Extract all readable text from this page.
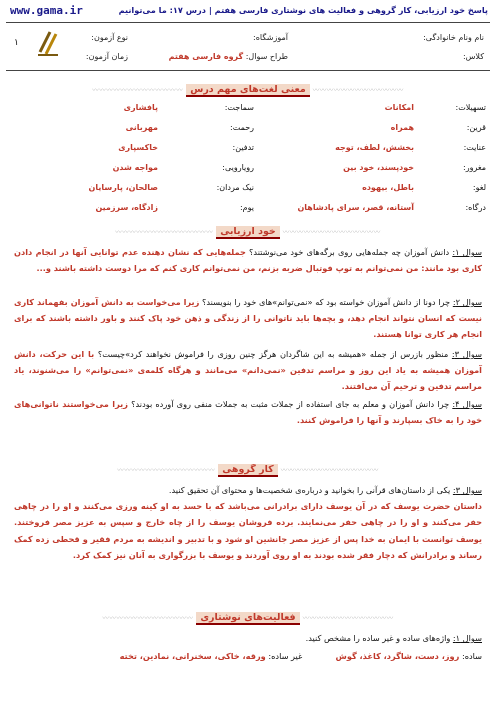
www.gama.ir	پاسخ خود ارزیابی، کار گروهی و فعالیت های نوشتاری فارسی هفتم | درس ۱۷: ما می‌توانیم
نام ونام خانوادگی:
کلاس:
آموزشگاه:
طراح سوال: گروه فارسی هفتم
نوع آزمون:
زمان آزمون:
۱
〰〰〰〰〰〰〰〰〰〰〰〰〰 معنی لغت‌های مهم درس 〰〰〰〰〰〰〰〰〰〰〰〰〰
تسهیلات:
امکانات
سماجت:
پافشاری
قرین:
همراه
رحمت:
مهربانی
عنایت:
بخشش، لطف، توجه
تدفین:
خاکسپاری
مغرور:
خودپسند، خود بین
رویارویی:
مواجه شدن
لغو:
باطل، بیهوده
نیک مردان:
صالحان، پارسایان
درگاه:
آستانه، قصر، سرای پادشاهان
یوم:
زادگاه، سرزمین
〰〰〰〰〰〰〰〰〰〰〰〰〰〰 خود ارزیابی 〰〰〰〰〰〰〰〰〰〰〰〰〰〰
سوال ۱: دانش آموزان چه جمله‌هایی روی برگه‌های خود می‌نوشتند؟ جمله‌هایی که نشان دهنده عدم توانایی آنها در انجام دادن کاری بود مانند: من نمی‌توانم به توپ فوتبال ضربه بزنم، من نمی‌توانم کاری کنم که مرا دوست داشته باشند و...
سوال ۲: چرا دونا از دانش آموزان خواسته بود که «نمی‌توانم»های خود را بنویسند؟ زیرا می‌خواست به دانش آموزان بفهماند کاری نیست که انسان نتواند انجام دهد، و بچه‌ها باید ناتوانی را از زندگی و ذهن خود پاک کنند و باور داشته باشند که برای انجام هر کاری توانا هستند.
سوال ۳: منظور بازرس از جمله «همیشه به این شاگردان هرگز چنین روزی را فراموش نخواهند کرد»چیست؟ با این حرکت، دانش آموزان همیشه به یاد این روز و مراسم تدفین «نمی‌دانم» می‌مانند و هرگاه کلمه‌ی «نمی‌توانم» را می‌شنوند، یاد مراسم تدفین و ترحیم آن می‌افتند.
سوال ۴: چرا دانش آموزان و معلم به جای استفاده از جملات مثبت به جملات منفی روی آورده بودند؟ زیرا می‌خواستند ناتوانی‌های خود را به خاک بسپارند و آنها را فراموش کنند.
〰〰〰〰〰〰〰〰〰〰〰〰〰〰 کار گروهی 〰〰〰〰〰〰〰〰〰〰〰〰〰〰
سوال ۳: یکی از داستان‌های قرآنی را بخوانید و درباره‌ی شخصیت‌ها و محتوای آن تحقیق کنید.
داستان حضرت یوسف که در آن یوسف دارای برادرانی می‌باشد که با حسد به او کینه ورزی می‌کنند و او را در چاهی حفر می‌کنند و او را در چاهی حفر می‌نمایند. برده فروشان یوسف را از چاه خارج و سپس به عزیز مصر فروختند. یوسف توانست با ایمان به خدا پس از عزیز مصر جانشین او شود و با تدبیر و اندیشه به مردم فقیر و قحطی زده کمک رساند و برادرانش که دچار فقر شده بودند به او روی آوردند و یوسف با بزرگواری به آنان نیز کمک کرد.
〰〰〰〰〰〰〰〰〰〰〰〰〰 فعالیت‌های نوشتاری 〰〰〰〰〰〰〰〰〰〰〰〰〰
سوال ۱: واژه‌های ساده و غیر ساده را مشخص کنید.
ساده: روز، دست، شاگرد، کاغذ، گوش  غیر ساده: ورقه، خاکی، سخنرانی، نمادین، تخته
